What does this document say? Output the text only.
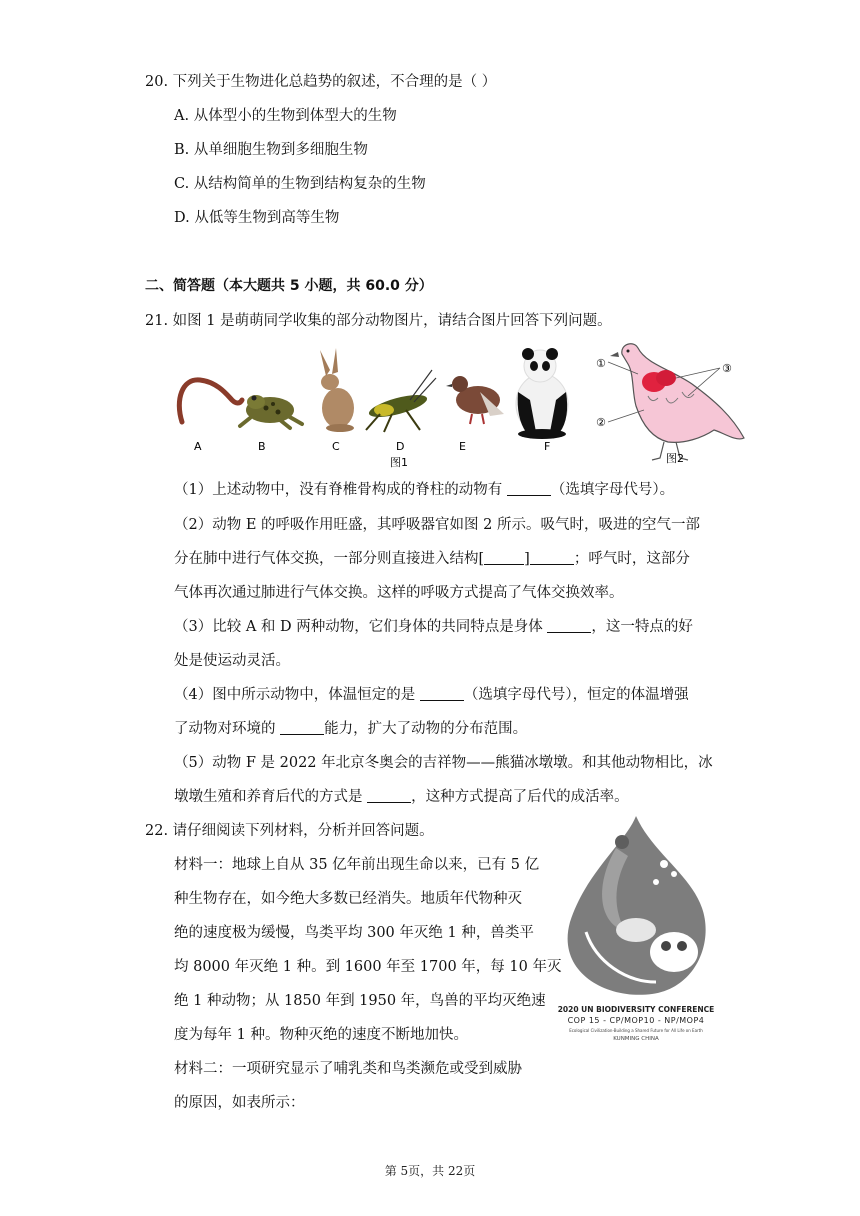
20. 下列关于生物进化总趋势的叙述，不合理的是（ ）
A. 从体型小的生物到体型大的生物
B. 从单细胞生物到多细胞生物
C. 从结构简单的生物到结构复杂的生物
D. 从低等生物到高等生物
二、简答题（本大题共 5 小题，共 60.0 分）
21. 如图 1 是萌萌同学收集的部分动物图片，请结合图片回答下列问题。
A	B	C	D	E	F
图1
①
②
③
图2
（1）上述动物中，没有脊椎骨构成的脊柱的动物有	（选填字母代号）。
（2）动物 E 的呼吸作用旺盛，其呼吸器官如图 2 所示。吸气时，吸进的空气一部
分在肺中进行气体交换，一部分则直接进入结构[	]	；呼气时，这部分
气体再次通过肺进行气体交换。这样的呼吸方式提高了气体交换效率。
（3）比较 A 和 D 两种动物，它们身体的共同特点是身体	，这一特点的好
处是使运动灵活。
（4）图中所示动物中，体温恒定的是	（选填字母代号），恒定的体温增强
了动物对环境的	能力，扩大了动物的分布范围。
（5）动物 F 是 2022 年北京冬奥会的吉祥物——熊猫冰墩墩。和其他动物相比，冰
墩墩生殖和养育后代的方式是	，这种方式提高了后代的成活率。
22. 请仔细阅读下列材料，分析并回答问题。
材料一：地球上自从 35 亿年前出现生命以来，已有 5 亿
种生物存在，如今绝大多数已经消失。地质年代物种灭
绝的速度极为缓慢，鸟类平均 300 年灭绝 1 种，兽类平
均 8000 年灭绝 1 种。到 1600 年至 1700 年，每 10 年灭
绝 1 种动物；从 1850 年到 1950 年，鸟兽的平均灭绝速
度为每年 1 种。物种灭绝的速度不断地加快。
材料二：一项研究显示了哺乳类和鸟类濒危或受到威胁
的原因，如表所示：
2020 UN BIODIVERSITY CONFERENCE
COP 15 - CP/MOP10 - NP/MOP4
Ecological Civilization-Building a Shared Future for All Life on Earth
KUNMING CHINA
第 5页，共 22页
